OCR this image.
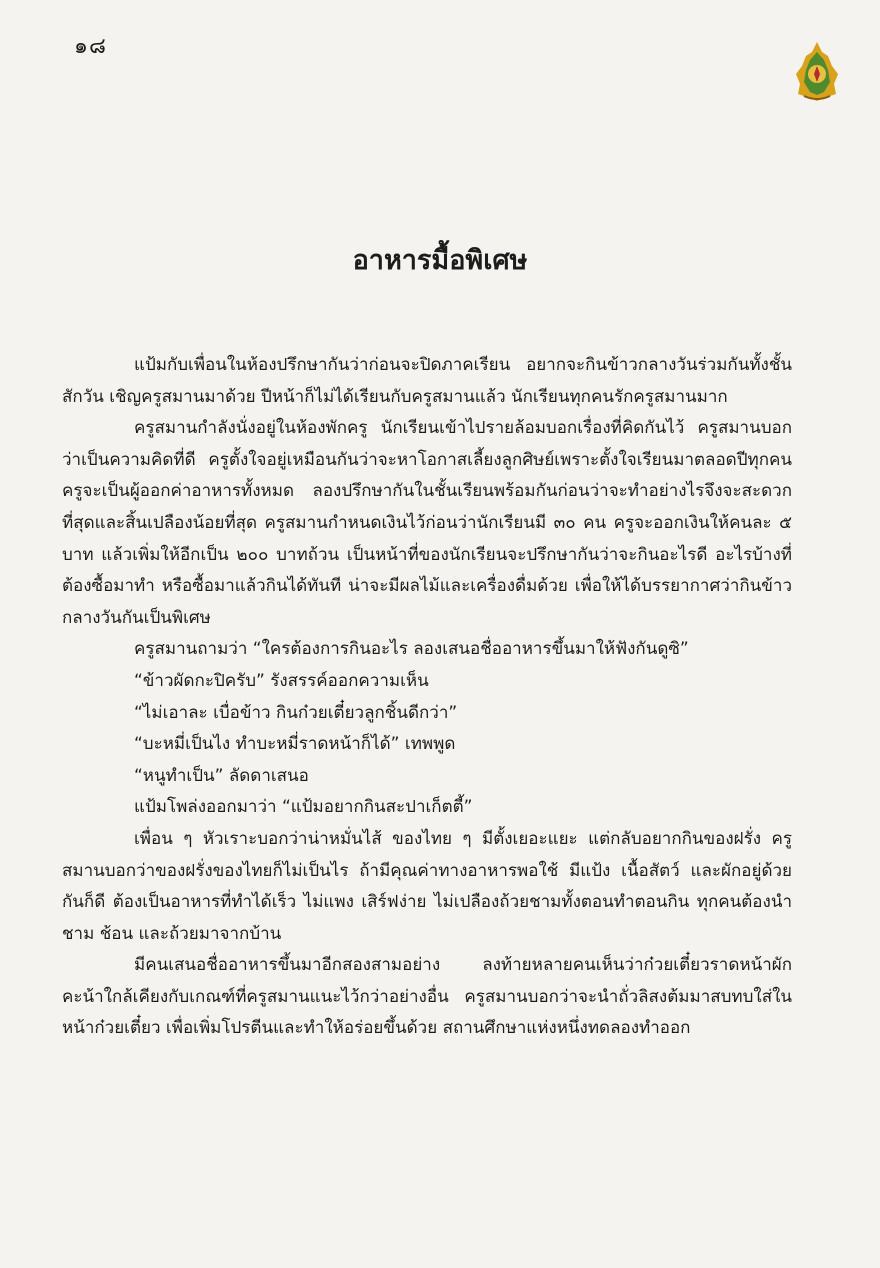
๑๘
อาหารมื้อพิเศษ

แป้มกับเพื่อนในห้องปรึกษากันว่าก่อนจะปิดภาคเรียน อยากจะกินข้าวกลางวันร่วมกันทั้งชั้นสักวัน เชิญครูสมานมาด้วย ปีหน้าก็ไม่ได้เรียนกับครูสมานแล้ว นักเรียนทุกคนรักครูสมานมาก

ครูสมานกำลังนั่งอยู่ในห้องพักครู นักเรียนเข้าไปรายล้อมบอกเรื่องที่คิดกันไว้ ครูสมานบอกว่าเป็นความคิดที่ดี ครูตั้งใจอยู่เหมือนกันว่าจะหาโอกาสเลี้ยงลูกศิษย์เพราะตั้งใจเรียนมาตลอดปีทุกคน ครูจะเป็นผู้ออกค่าอาหารทั้งหมด ลองปรึกษากันในชั้นเรียนพร้อมกันก่อนว่าจะทำอย่างไรจึงจะสะดวกที่สุดและสิ้นเปลืองน้อยที่สุด ครูสมานกำหนดเงินไว้ก่อนว่านักเรียนมี ๓๐ คน ครูจะออกเงินให้คนละ ๕ บาท แล้วเพิ่มให้อีกเป็น ๒๐๐ บาทถ้วน เป็นหน้าที่ของนักเรียนจะปรึกษากันว่าจะกินอะไรดี อะไรบ้างที่ต้องซื้อมาทำ หรือซื้อมาแล้วกินได้ทันที น่าจะมีผลไม้และเครื่องดื่มด้วย เพื่อให้ได้บรรยากาศว่ากินข้าวกลางวันกันเป็นพิเศษ

ครูสมานถามว่า “ใครต้องการกินอะไร ลองเสนอชื่ออาหารขึ้นมาให้ฟังกันดูซิ”

“ข้าวผัดกะปิครับ” รังสรรค์ออกความเห็น

“ไม่เอาละ เบื่อข้าว กินก๋วยเตี๋ยวลูกชิ้นดีกว่า”

“บะหมี่เป็นไง ทำบะหมี่ราดหน้าก็ได้” เทพพูด

“หนูทำเป็น” ลัดดาเสนอ

แป้มโพล่งออกมาว่า “แป้มอยากกินสะปาเก็ตตี้”

เพื่อน ๆ หัวเราะบอกว่าน่าหมั่นไส้ ของไทย ๆ มีตั้งเยอะแยะ แต่กลับอยากกินของฝรั่ง ครูสมานบอกว่าของฝรั่งของไทยก็ไม่เป็นไร ถ้ามีคุณค่าทางอาหารพอใช้ มีแป้ง เนื้อสัตว์ และผักอยู่ด้วยกันก็ดี ต้องเป็นอาหารที่ทำได้เร็ว ไม่แพง เสิร์ฟง่าย ไม่เปลืองถ้วยชามทั้งตอนทำตอนกิน ทุกคนต้องนำชาม ช้อน และถ้วยมาจากบ้าน

มีคนเสนอชื่ออาหารขึ้นมาอีกสองสามอย่าง ลงท้ายหลายคนเห็นว่าก๋วยเตี๋ยวราดหน้าผักคะน้าใกล้เคียงกับเกณฑ์ที่ครูสมานแนะไว้กว่าอย่างอื่น ครูสมานบอกว่าจะนำถั่วลิสงต้มมาสบทบใส่ในหน้าก๋วยเตี๋ยว เพื่อเพิ่มโปรตีนและทำให้อร่อยขึ้นด้วย สถานศึกษาแห่งหนึ่งทดลองทำออก
